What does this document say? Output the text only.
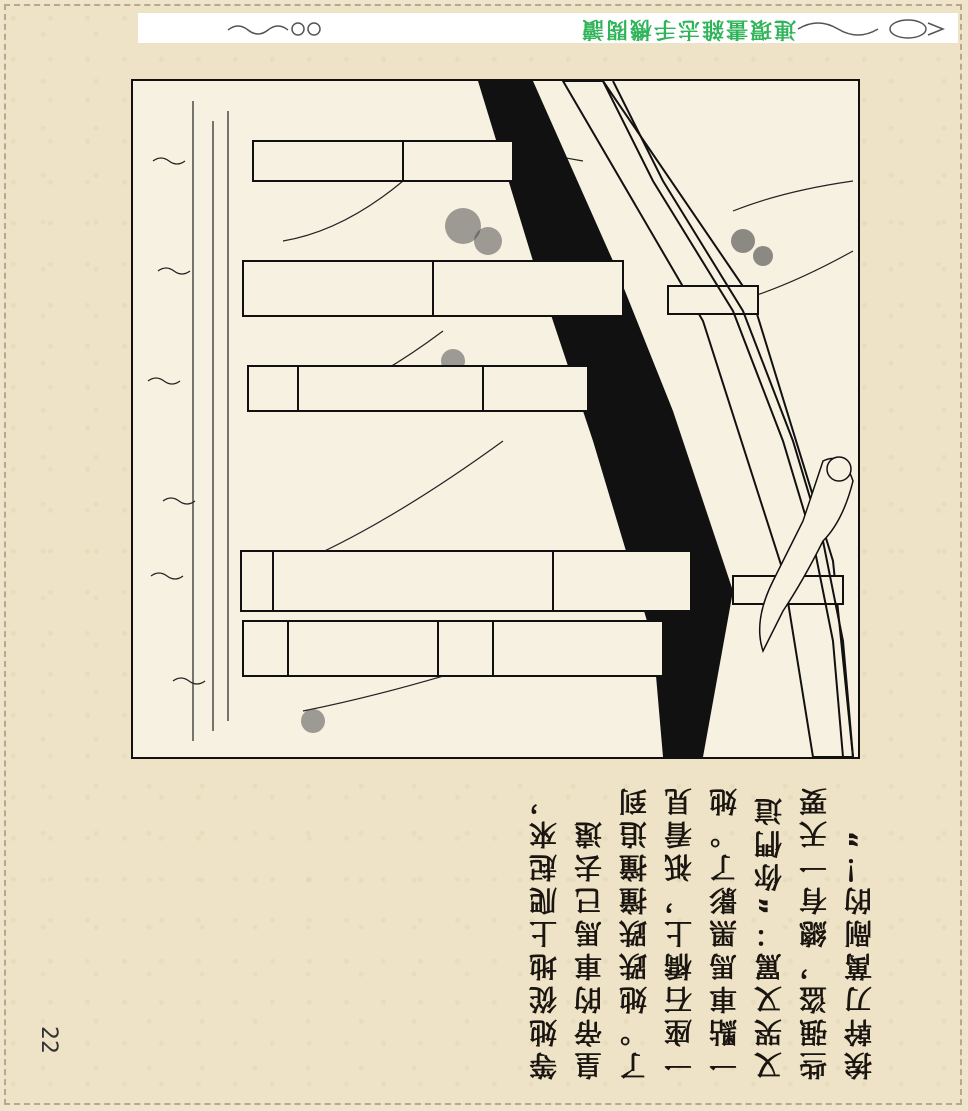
連環畫雜志手機閱讀
等她從地上爬起來，皇帝的車馬已去遠了。她跌跌撞撞追到一座石橋上，祇看見一點車馬黑影了。她又哭又罵：“你們這些强盗，總有一天要挨幹刀萬剮的！”
22
